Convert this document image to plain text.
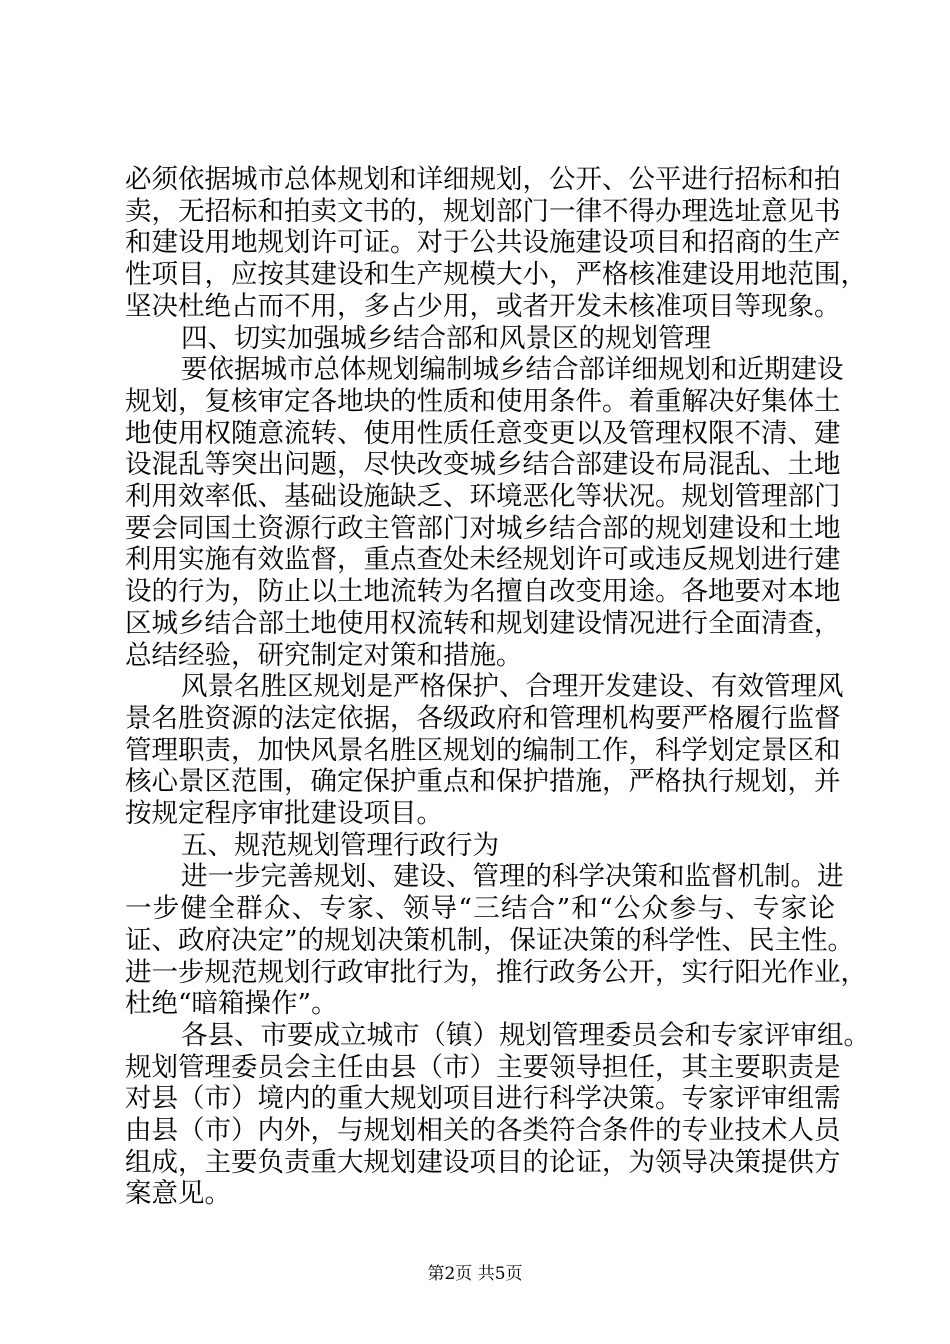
必须依据城市总体规划和详细规划，公开、公平进行招标和拍
卖，无招标和拍卖文书的，规划部门一律不得办理选址意见书
和建设用地规划许可证。对于公共设施建设项目和招商的生产
性项目，应按其建设和生产规模大小，严格核准建设用地范围，
坚决杜绝占而不用，多占少用，或者开发未核准项目等现象。
四、切实加强城乡结合部和风景区的规划管理
要依据城市总体规划编制城乡结合部详细规划和近期建设
规划，复核审定各地块的性质和使用条件。着重解决好集体土
地使用权随意流转、使用性质任意变更以及管理权限不清、建
设混乱等突出问题，尽快改变城乡结合部建设布局混乱、土地
利用效率低、基础设施缺乏、环境恶化等状况。规划管理部门
要会同国土资源行政主管部门对城乡结合部的规划建设和土地
利用实施有效监督，重点查处未经规划许可或违反规划进行建
设的行为，防止以土地流转为名擅自改变用途。各地要对本地
区城乡结合部土地使用权流转和规划建设情况进行全面清查，
总结经验，研究制定对策和措施。
风景名胜区规划是严格保护、合理开发建设、有效管理风
景名胜资源的法定依据，各级政府和管理机构要严格履行监督
管理职责，加快风景名胜区规划的编制工作，科学划定景区和
核心景区范围，确定保护重点和保护措施，严格执行规划，并
按规定程序审批建设项目。
五、规范规划管理行政行为
进一步完善规划、建设、管理的科学决策和监督机制。进
一步健全群众、专家、领导“三结合”和“公众参与、专家论
证、政府决定”的规划决策机制，保证决策的科学性、民主性。
进一步规范规划行政审批行为，推行政务公开，实行阳光作业，
杜绝“暗箱操作”。
各县、市要成立城市（镇）规划管理委员会和专家评审组。
规划管理委员会主任由县（市）主要领导担任，其主要职责是
对县（市）境内的重大规划项目进行科学决策。专家评审组需
由县（市）内外，与规划相关的各类符合条件的专业技术人员
组成，主要负责重大规划建设项目的论证，为领导决策提供方
案意见。
第2页 共5页
